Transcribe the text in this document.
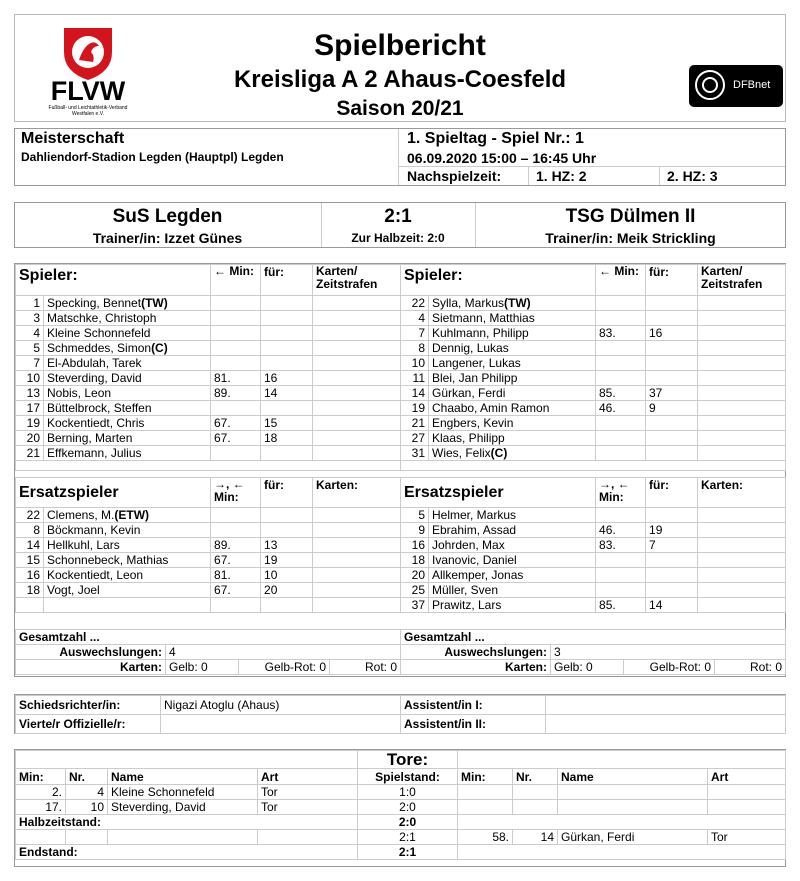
FLVW
Fußball- und Leichtathletik-Verband Westfalen e.V.
Spielbericht
Kreisliga A 2 Ahaus-Coesfeld
Saison 20/21
DFBnet
Meisterschaft
Dahliendorf-Stadion Legden (Hauptpl) Legden
1. Spieltag - Spiel Nr.: 1
06.09.2020 15:00 – 16:45 Uhr
Nachspielzeit: 1. HZ: 2	2. HZ: 3
SuS Legden
Trainer/in: Izzet Günes
2:1
Zur Halbzeit: 2:0
TSG Dülmen II
Trainer/in: Meik Strickling
Spieler:		← Min:	für:	Karten/ Zeitstrafen
1	Specking, Bennet(TW)			
3	Matschke, Christoph			
4	Kleine Schonnefeld			
5	Schmeddes, Simon(C)			
7	El-Abdulah, Tarek			
10	Steverding, David	81.	16	
13	Nobis, Leon	89.	14	
17	Büttelbrock, Steffen			
19	Kockentiedt, Chris	67.	15	
20	Berning, Marten	67.	18	
21	Effkemann, Julius			

Spieler:		← Min:	für:	Karten/ Zeitstrafen
22	Sylla, Markus(TW)			
4	Sietmann, Matthias			
7	Kuhlmann, Philipp	83.	16	
8	Dennig, Lukas			
10	Langener, Lukas			
11	Blei, Jan Philipp			
14	Gürkan, Ferdi	85.	37	
19	Chaabo, Amin Ramon	46.	9	
21	Engbers, Kevin			
27	Klaas, Philipp			
31	Wies, Felix(C)			

Ersatzspieler		→, ← Min:	für:	Karten:
22	Clemens, M.(ETW)			
8	Böckmann, Kevin			
14	Hellkuhl, Lars	89.	13	
15	Schonnebeck, Mathias	67.	19	
16	Kockentiedt, Leon	81.	10	
18	Vogt, Joel	67.	20	

Ersatzspieler		→, ← Min:	für:	Karten:
5	Helmer, Markus			
9	Ebrahim, Assad	46.	19	
16	Johrden, Max	83.	7	
18	Ivanovic, Daniel			
20	Allkemper, Jonas			
25	Müller, Sven			
37	Prawitz, Lars	85.	14	
Gesamtzahl ...			
Auswechslungen:	4		
Karten:	Gelb: 0	Gelb-Rot: 0	Rot: 0
Gesamtzahl ...			
Auswechslungen:	3		
Karten:	Gelb: 0	Gelb-Rot: 0	Rot: 0
Schiedsrichter/in:	Nigazi Atoglu (Ahaus)	Assistent/in I:	
Vierte/r Offizielle/r:		Assistent/in II:	
				Tore:				
Min:	Nr.	Name	Art	Spielstand:	Min:	Nr.	Name	Art
2.	4	Kleine Schonnefeld	Tor	1:0				
17.	10	Steverding, David	Tor	2:0				
Halbzeitstand:				2:0				
				2:1	58.	14	Gürkan, Ferdi	Tor
Endstand:				2:1				
